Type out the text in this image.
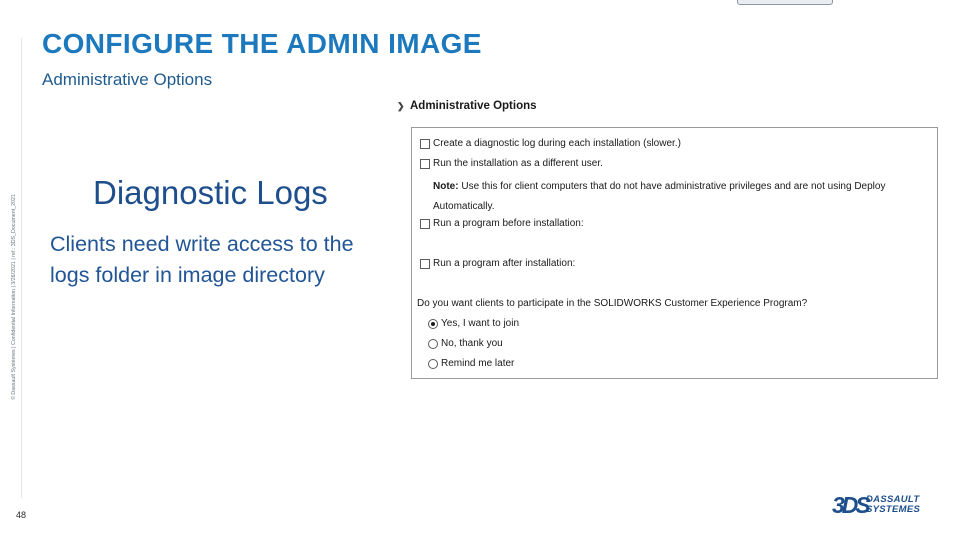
© Dassault Systèmes | Confidential Information | 3/26/2021 | ref.: 3DS_Document_2021
48
CONFIGURE THE ADMIN IMAGE
Administrative Options
Diagnostic Logs
Clients need write access to the logs folder in image directory
❯ Administrative Options
Create a diagnostic log during each installation (slower.)
Run the installation as a different user.
Note: Use this for client computers that do not have administrative privileges and are not using Deploy Automatically.
Run a program before installation:
Run a program after installation:
Do you want clients to participate in the SOLIDWORKS Customer Experience Program?
Yes, I want to join
No, thank you
Remind me later
3DS
DASSAULT
SYSTEMES
